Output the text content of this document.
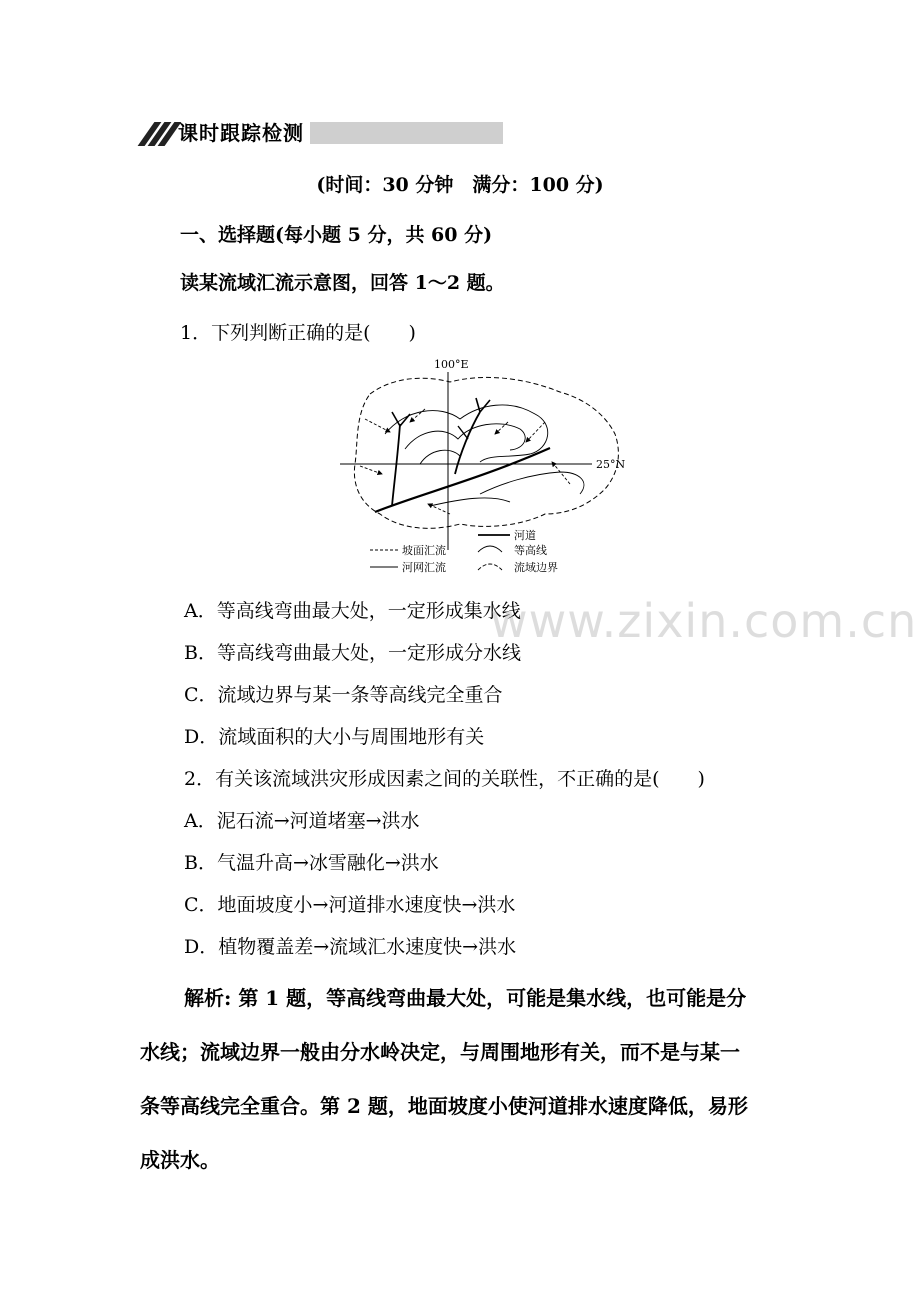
课时跟踪检测
(时间：30 分钟　满分：100 分)
一、选择题(每小题 5 分，共 60 分)
读某流域汇流示意图，回答 1～2 题。
1．下列判断正确的是(　　)
100°E
25°N
河道
坡面汇流	等高线
河网汇流	流域边界
A．等高线弯曲最大处，一定形成集水线
B．等高线弯曲最大处，一定形成分水线
C．流域边界与某一条等高线完全重合
D．流域面积的大小与周围地形有关
2．有关该流域洪灾形成因素之间的关联性，不正确的是(　　)
A．泥石流→河道堵塞→洪水
B．气温升高→冰雪融化→洪水
C．地面坡度小→河道排水速度快→洪水
D．植物覆盖差→流域汇水速度快→洪水
www.zixin.com.cn
解析: 第 1 题，等高线弯曲最大处，可能是集水线，也可能是分
水线；流域边界一般由分水岭决定，与周围地形有关，而不是与某一
条等高线完全重合。第 2 题，地面坡度小使河道排水速度降低，易形
成洪水。
